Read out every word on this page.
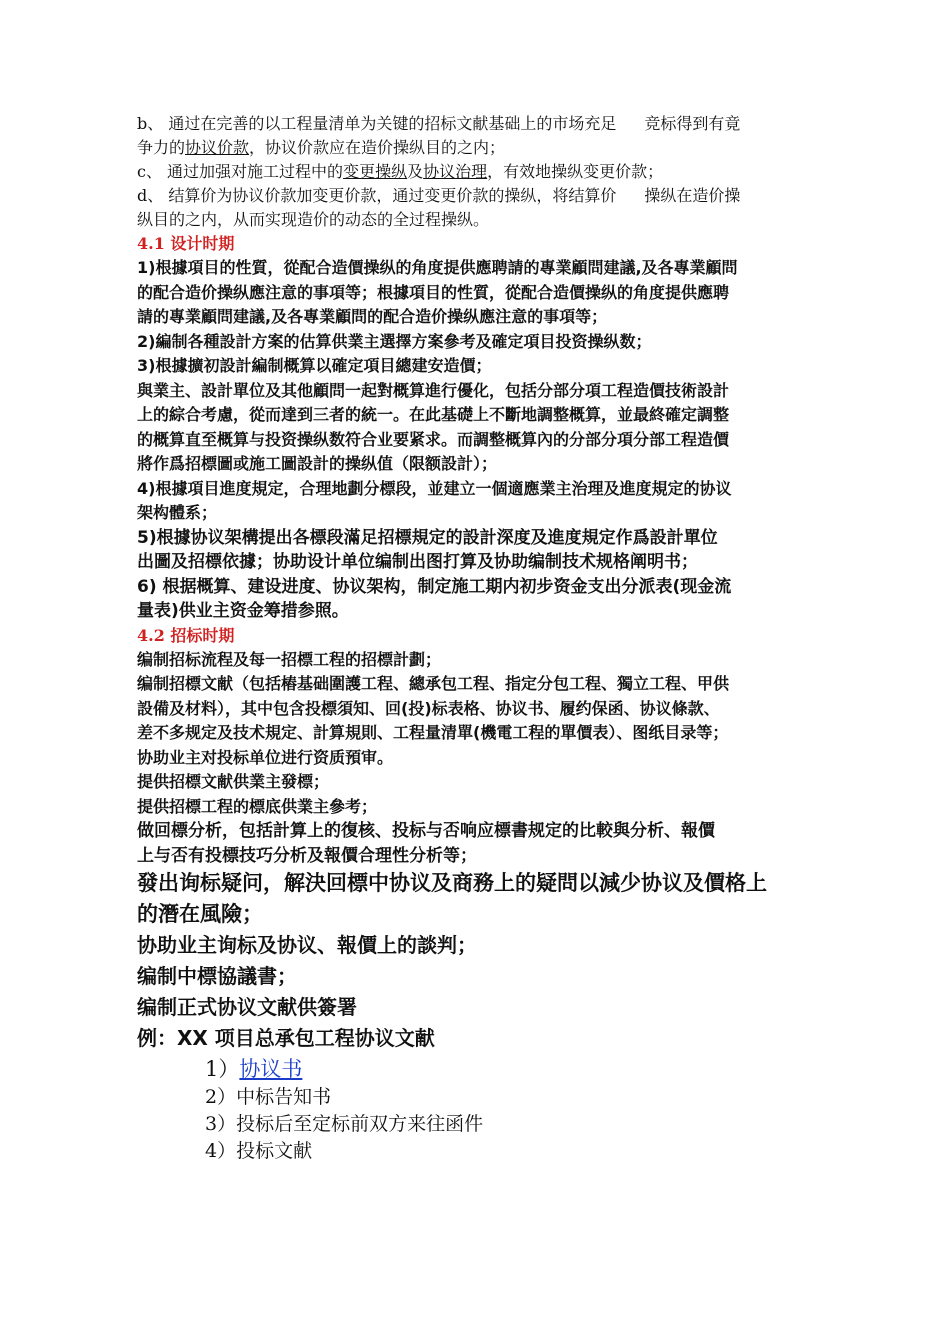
b、 通过在完善的以工程量清单为关键的招标文献基础上的市场充足 竞标得到有竟
争力的协议价款，协议价款应在造价操纵目的之内；

c、 通过加强对施工过程中的变更操纵及协议治理，有效地操纵变更价款；

d、 结算价为协议价款加变更价款，通过变更价款的操纵，将结算价 操纵在造价操
纵目的之内，从而实现造价的动态的全过程操纵。

4.1 设计时期

1)根據項目的性質，從配合造價操纵的角度提供應聘請的專業顧問建議,及各專業顧問

的配合造价操纵應注意的事項等；根據項目的性質，從配合造價操纵的角度提供應聘

請的專業顧問建議,及各專業顧問的配合造价操纵應注意的事項等；

2)編制各種設計方案的估算供業主選擇方案參考及確定項目投资操纵数；

3)根據擴初設計編制概算以確定項目總建安造價；

與業主、設計單位及其他顧問一起對概算進行優化，包括分部分項工程造價技術設計

上的綜合考慮，從而達到三者的統一。在此基礎上不斷地調整概算，並最終確定調整

的概算直至概算与投资操纵数符合业要紧求。而調整概算內的分部分項分部工程造價

將作爲招標圖或施工圖設計的操纵值（限额設計）；

4)根據項目進度規定，合理地劃分標段，並建立一個適應業主治理及進度規定的协议

架构體系；

5)根據协议架構提出各標段滿足招標規定的設計深度及進度規定作爲設計單位

出圖及招標依據；协助设计单位编制出图打算及协助编制技术规格阐明书；

6) 根据概算、建设进度、协议架构，制定施工期内初步资金支出分派表(现金流

量表)供业主资金筹措参照。

4.2 招标时期

编制招标流程及每一招標工程的招標計劃；

编制招標文献（包括樁基础圍護工程、總承包工程、指定分包工程、獨立工程、甲供

設備及材料），其中包含投標須知、回(投)标表格、协议书、履约保函、协议條款、

差不多规定及技术規定、計算規則、工程量清單(機電工程的單價表）、图纸目录等；

协助业主对投标单位进行资质預审。

提供招標文献供業主發標；

提供招標工程的標底供業主參考；

做回標分析，包括計算上的復核、投标与否响应標書规定的比較與分析、報價

上与否有投標技巧分析及報價合理性分析等；

發出询标疑问，解決回標中协议及商務上的疑問以減少协议及價格上

的潛在風險；

协助业主询标及协议、報價上的談判；

编制中標協議書；

编制正式协议文献供簽署

例：XX 项目总承包工程协议文献

1）协议书
2）中标告知书
3）投标后至定标前双方来往函件
4）投标文献
